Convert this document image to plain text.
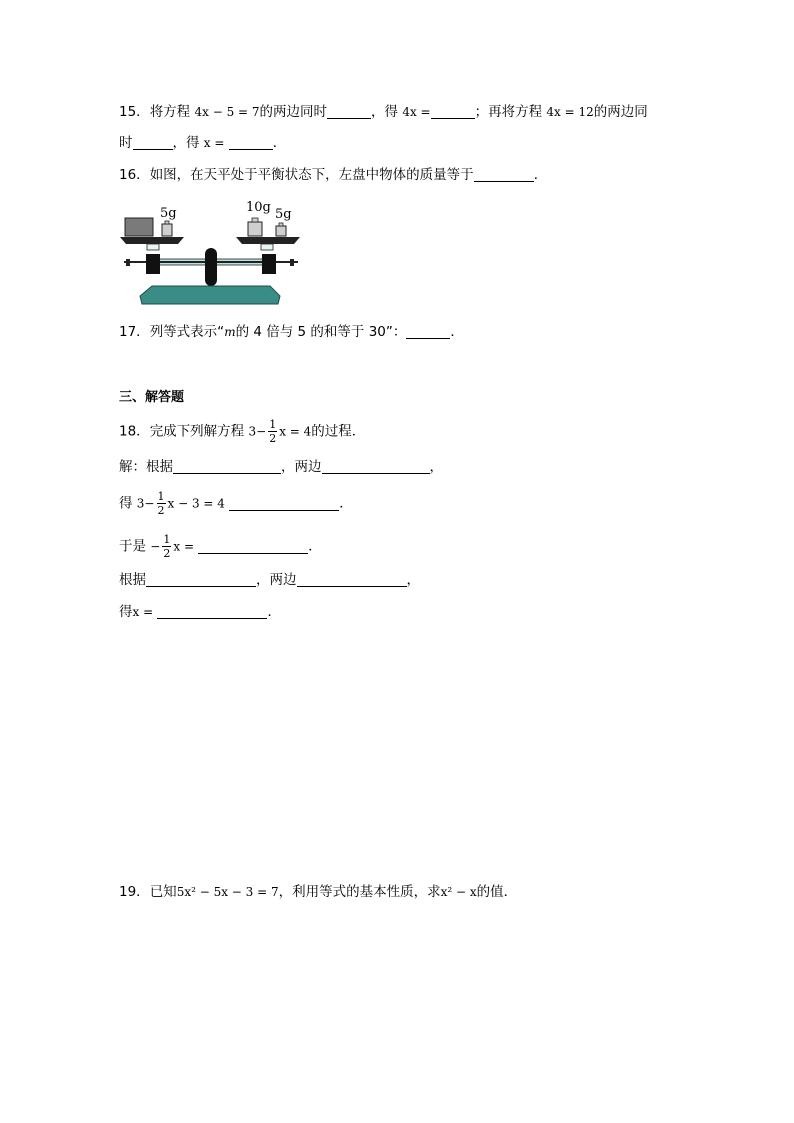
15．将方程 4x − 5 = 7的两边同时	，得 4x =	；再将方程 4x = 12的两边同
时	，得 x =	．
16．如图，在天平处于平衡状态下，左盘中物体的质量等于	．
5g	10g 5g
17．列等式表示“m的 4 倍与 5 的和等于 30”：	．
三、解答题
18．完成下列解方程 $3- \frac{1}{2}$ x = 4的过程．
解：根据	，两边	，
得 $3- \frac{1}{2}$ x − 3 = 4	．
于是 − $\frac{1}{2}$ x =	．
根据	，两边	，
得x =	．
19．已知5x² − 5x − 3 = 7，利用等式的基本性质，求x² − x的值．
